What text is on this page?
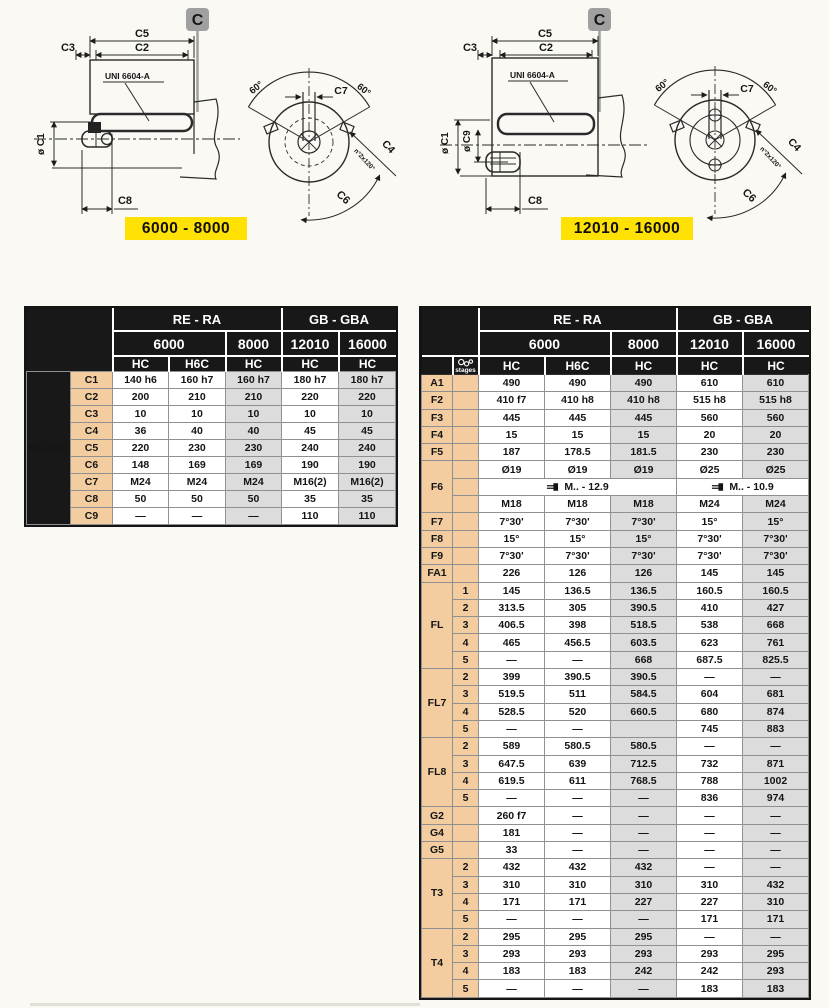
C5
C2
C3
UNI 6604-A
ø C1
C8
60°	60°
C7
C4
n°2x120°
C6
C
C5
C2
C3
UNI 6604-A
ø C1 ø C9
C8
60°	60°
C7
C4
n°2x120°
C6
C
6000 - 8000	12010 - 16000
		RE - RA			GB - GBA	
		6000		8000	12010	16000
		HC	H6C	HC	HC	HC
HC H6C	C1	140 h6	160 h7	160 h7	180 h7	180 h7
	C2	200	210	210	220	220
	C3	10	10	10	10	10
	C4	36	40	40	45	45
	C5	220	230	230	240	240
	C6	148	169	169	190	190
	C7	M24	M24	M24	M16(2)	M16(2)
	C8	50	50	50	35	35
	C9	—	—	—	110	110
		RE - RA			GB - GBA	
		6000		8000	12010	16000

	stages	HC	H6C	HC	HC	HC
A1		490	490	490	610	610
F2		410 f7	410 h8	410 h8	515 h8	515 h8
F3		445	445	445	560	560
F4		15	15	15	20	20
F5		187	178.5	181.5	230	230
F6		Ø19	Ø19	Ø19	Ø25	Ø25
		M.. - 12.9			M.. - 10.9	
		M18	M18	M18	M24	M24
F7		7°30'	7°30'	7°30'	15°	15°
F8		15°	15°	15°	7°30'	7°30'
F9		7°30'	7°30'	7°30'	7°30'	7°30'
FA1		226	126	126	145	145
FL	1	145	136.5	136.5	160.5	160.5
	2	313.5	305	390.5	410	427
	3	406.5	398	518.5	538	668
	4	465	456.5	603.5	623	761
	5	—	—	668	687.5	825.5
FL7	2	399	390.5	390.5	—	—
	3	519.5	511	584.5	604	681
	4	528.5	520	660.5	680	874
	5	—	—		745	883
FL8	2	589	580.5	580.5	—	—
	3	647.5	639	712.5	732	871
	4	619.5	611	768.5	788	1002
	5	—	—	—	836	974
G2		260 f7	—	—	—	—
G4		181	—	—	—	—
G5		33	—	—	—	—
T3	2	432	432	432	—	—
	3	310	310	310	310	432
	4	171	171	227	227	310
	5	—	—	—	171	171
T4	2	295	295	295	—	—
	3	293	293	293	293	295
	4	183	183	242	242	293
	5	—	—	—	183	183
